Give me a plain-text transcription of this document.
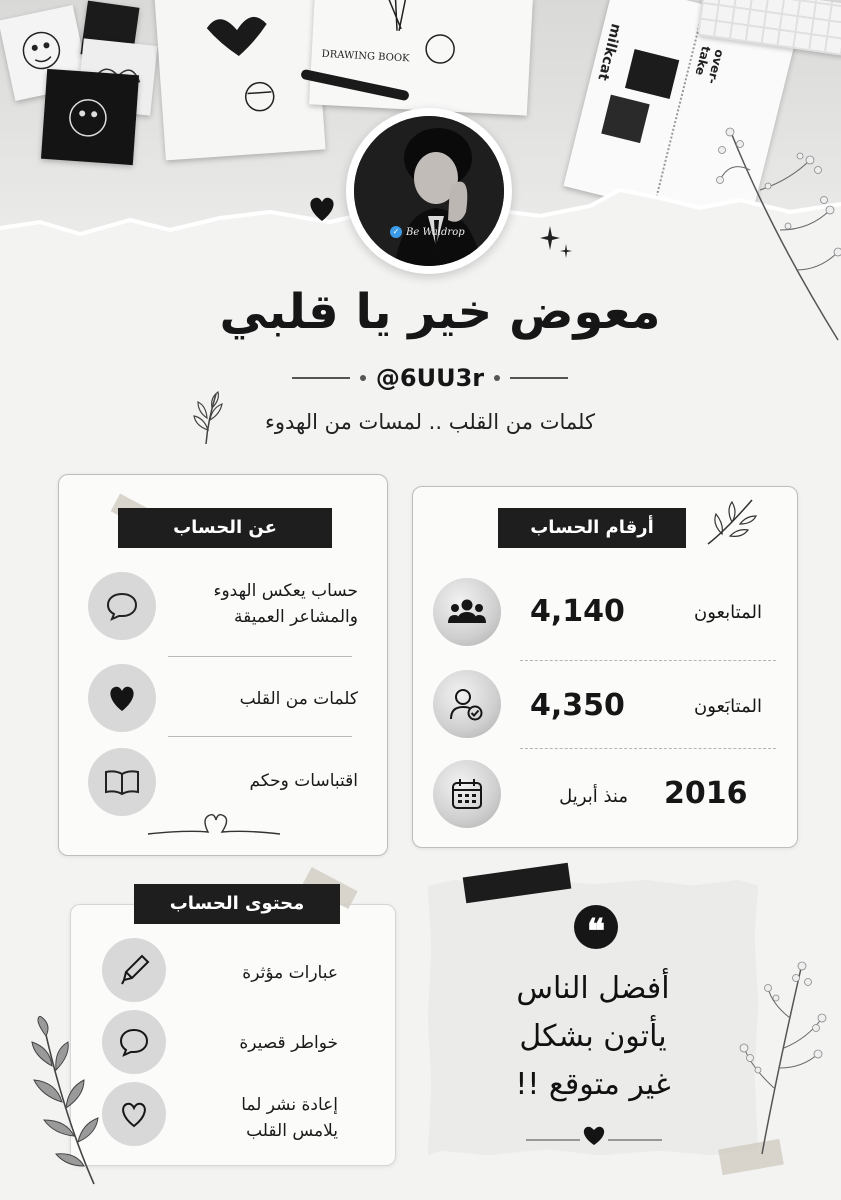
DRAWING BOOK	milkcat	over-take
✓ Be Waldrop
معوض خير يا قلبي
@6UU3r
كلمات من القلب .. لمسات من الهدوء
عن الحساب
حساب يعكس الهدوء
والمشاعر العميقة
كلمات من القلب
اقتباسات وحكم
أرقام الحساب
4,140	المتابعون
4,350	المتابَعون
منذ أبريل 2016
محتوى الحساب
عبارات مؤثرة
خواطر قصيرة
إعادة نشر لما
يلامس القلب
❝
أفضل الناس
يأتون بشكل
غير متوقع !!
